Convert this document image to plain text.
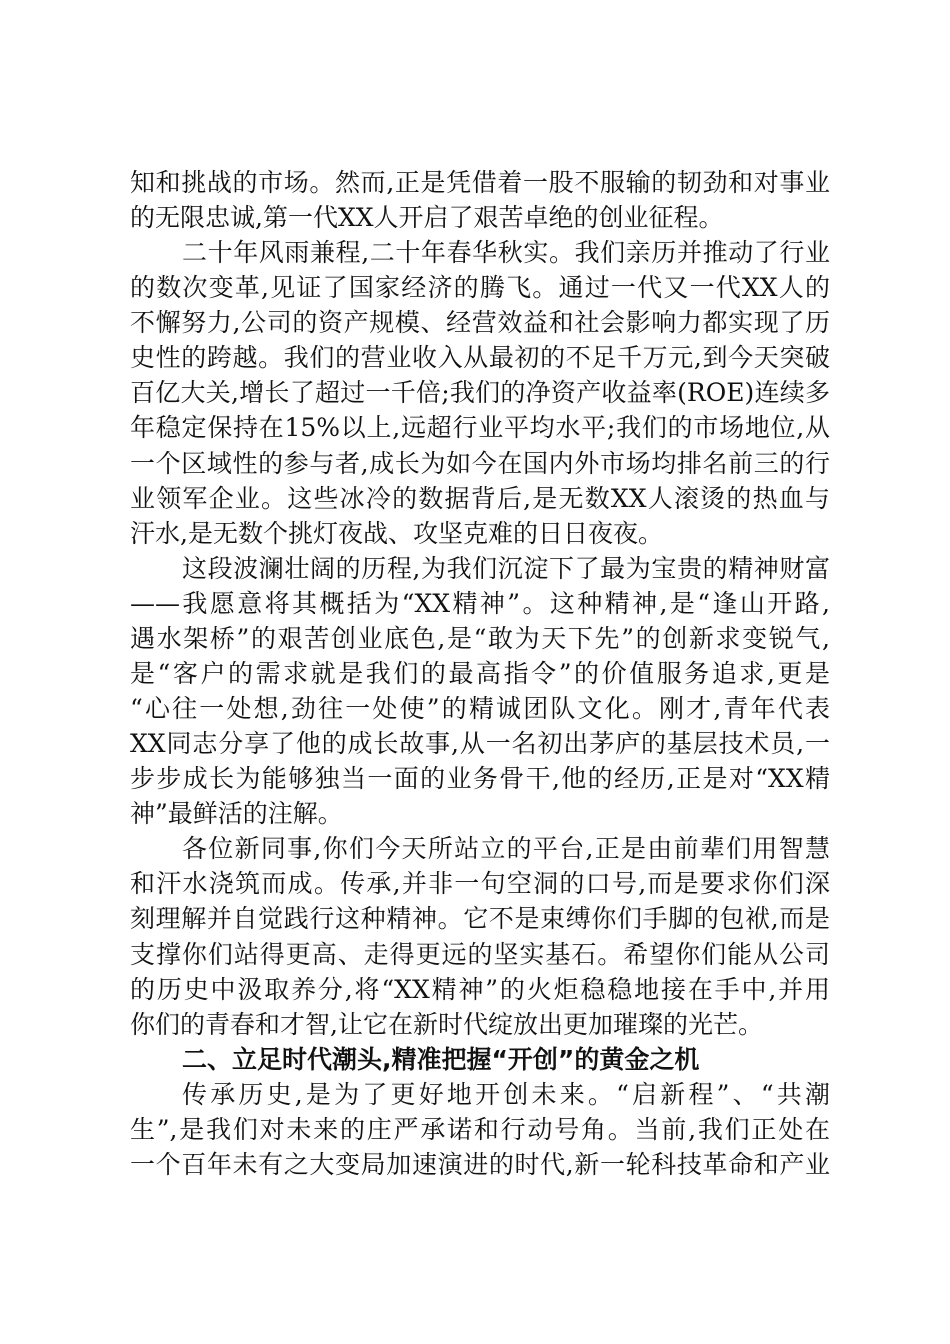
知和挑战的市场。然而,正是凭借着一股不服输的韧劲和对事业
的无限忠诚,第一代XX人开启了艰苦卓绝的创业征程。
二十年风雨兼程,二十年春华秋实。我们亲历并推动了行业
的数次变革,见证了国家经济的腾飞。通过一代又一代XX人的
不懈努力,公司的资产规模、经营效益和社会影响力都实现了历
史性的跨越。我们的营业收入从最初的不足千万元,到今天突破
百亿大关,增长了超过一千倍;我们的净资产收益率(ROE)连续多
年稳定保持在15%以上,远超行业平均水平;我们的市场地位,从
一个区域性的参与者,成长为如今在国内外市场均排名前三的行
业领军企业。这些冰冷的数据背后,是无数XX人滚烫的热血与
汗水,是无数个挑灯夜战、攻坚克难的日日夜夜。
这段波澜壮阔的历程,为我们沉淀下了最为宝贵的精神财富
——我愿意将其概括为“XX精神”。这种精神,是“逢山开路,
遇水架桥”的艰苦创业底色,是“敢为天下先”的创新求变锐气,
是“客户的需求就是我们的最高指令”的价值服务追求,更是
“心往一处想,劲往一处使”的精诚团队文化。刚才,青年代表
XX同志分享了他的成长故事,从一名初出茅庐的基层技术员,一
步步成长为能够独当一面的业务骨干,他的经历,正是对“XX精
神”最鲜活的注解。
各位新同事,你们今天所站立的平台,正是由前辈们用智慧
和汗水浇筑而成。传承,并非一句空洞的口号,而是要求你们深
刻理解并自觉践行这种精神。它不是束缚你们手脚的包袱,而是
支撑你们站得更高、走得更远的坚实基石。希望你们能从公司
的历史中汲取养分,将“XX精神”的火炬稳稳地接在手中,并用
你们的青春和才智,让它在新时代绽放出更加璀璨的光芒。
二、立足时代潮头,精准把握“开创”的黄金之机
传承历史,是为了更好地开创未来。“启新程”、“共潮
生”,是我们对未来的庄严承诺和行动号角。当前,我们正处在
一个百年未有之大变局加速演进的时代,新一轮科技革命和产业
